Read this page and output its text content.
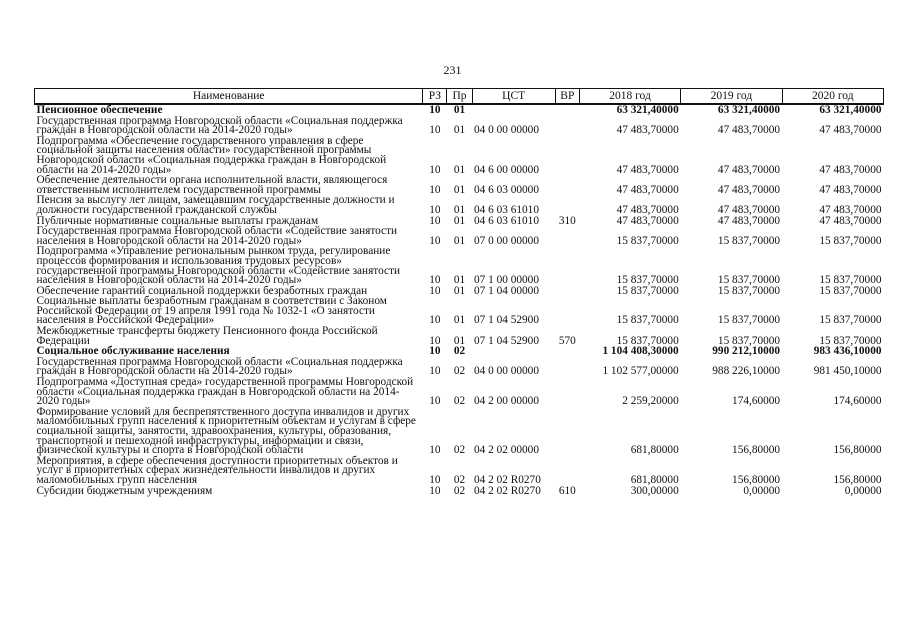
231
Наименование	РЗ	Пр	ЦСТ	ВР	2018 год	2019 год	2020 год
Пенсионное обеспечение	10	01			63 321,40000	63 321,40000	63 321,40000
Государственная программа Новгородской области «Социальная поддержка граждан в Новгородской области на 2014-2020 годы»	10	01	04 0 00 00000		47 483,70000	47 483,70000	47 483,70000
Подпрограмма «Обеспечение государственного управления в сфере социальной защиты населения области» государственной программы Новгородской области «Социальная поддержка граждан в Новгородской области на 2014-2020 годы»	10	01	04 6 00 00000		47 483,70000	47 483,70000	47 483,70000
Обеспечение деятельности органа исполнительной власти, являющегося ответственным исполнителем государственной программы	10	01	04 6 03 00000		47 483,70000	47 483,70000	47 483,70000
Пенсия за выслугу лет лицам, замещавшим государственные должности и должности государственной гражданской службы	10	01	04 6 03 61010		47 483,70000	47 483,70000	47 483,70000
Публичные нормативные социальные выплаты гражданам	10	01	04 6 03 61010	310	47 483,70000	47 483,70000	47 483,70000
Государственная программа Новгородской области «Содействие занятости населения в Новгородской области на 2014-2020 годы»	10	01	07 0 00 00000		15 837,70000	15 837,70000	15 837,70000
Подпрограмма «Управление региональным рынком труда, регулирование процессов формирования и использования трудовых ресурсов» государственной программы Новгородской области «Содействие занятости населения в Новгородской области на 2014-2020 годы»	10	01	07 1 00 00000		15 837,70000	15 837,70000	15 837,70000
Обеспечение гарантий социальной поддержки безработных граждан	10	01	07 1 04 00000		15 837,70000	15 837,70000	15 837,70000
Социальные выплаты безработным гражданам в соответствии с Законом Российской Федерации от 19 апреля 1991 года № 1032-1 «О занятости населения в Российской Федерации»	10	01	07 1 04 52900		15 837,70000	15 837,70000	15 837,70000
Межбюджетные трансферты бюджету Пенсионного фонда Российской Федерации	10	01	07 1 04 52900	570	15 837,70000	15 837,70000	15 837,70000
Социальное обслуживание населения	10	02			1 104 408,30000	990 212,10000	983 436,10000
Государственная программа Новгородской области «Социальная поддержка граждан в Новгородской области на 2014-2020 годы»	10	02	04 0 00 00000		1 102 577,00000	988 226,10000	981 450,10000
Подпрограмма «Доступная среда» государственной программы Новгородской области «Социальная поддержка граждан в Новгородской области на 2014-2020 годы»	10	02	04 2 00 00000		2 259,20000	174,60000	174,60000
Формирование условий для беспрепятственного доступа инвалидов и других маломобильных групп населения к приоритетным объектам и услугам в сфере социальной защиты, занятости, здравоохранения, культуры, образования, транспортной и пешеходной инфраструктуры, информации и связи, физической культуры и спорта в Новгородской области	10	02	04 2 02 00000		681,80000	156,80000	156,80000
Мероприятия, в сфере обеспечения доступности приоритетных объектов и услуг в приоритетных сферах жизнедеятельности инвалидов и других маломобильных групп населения	10	02	04 2 02 R0270		681,80000	156,80000	156,80000
Субсидии бюджетным учреждениям	10	02	04 2 02 R0270	610	300,00000	0,00000	0,00000
